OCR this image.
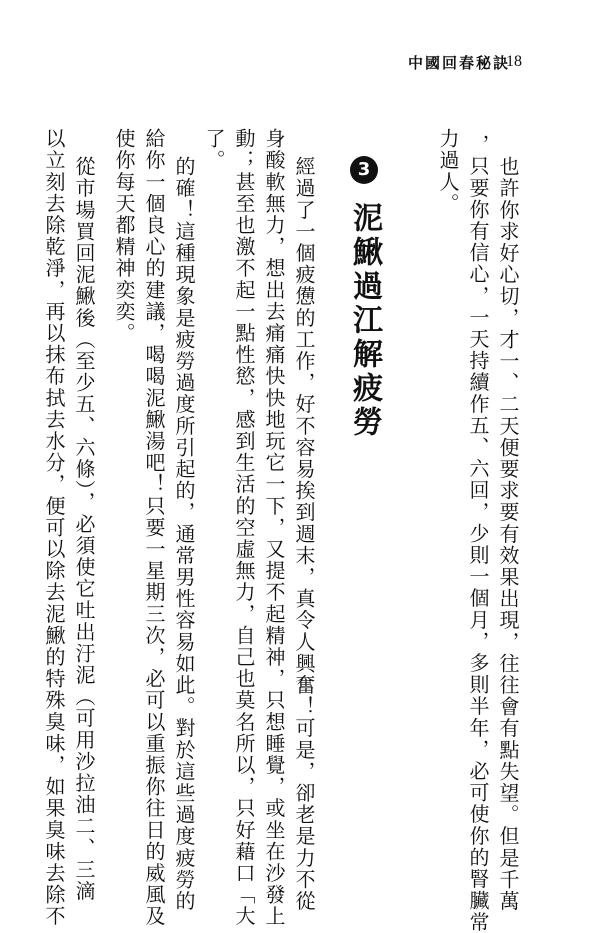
中國回春秘訣
18
也許你求好心切，才一、二天便要求要有效果出現，往往會有點失望。但是千萬
，只要你有信心，一天持續作五、六回，少則一個月，多則半年，必可使你的腎臟常
力過人。
3
泥鰍過江解疲勞
經過了一個疲憊的工作，好不容易挨到週末，真令人興奮！可是，卻老是力不從
身酸軟無力，想出去痛痛快快地玩它一下，又提不起精神，只想睡覺，或坐在沙發上
動；甚至也激不起一點性慾，感到生活的空虛無力，自己也莫名所以，只好藉口「大
了。
的確！這種現象是疲勞過度所引起的，通常男性容易如此。對於這些過度疲勞的
給你一個良心的建議，喝喝泥鰍湯吧！只要一星期三次，必可以重振你往日的威風及
使你每天都精神奕奕。
從市場買回泥鰍後（至少五、六條），必須使它吐出汙泥（可用沙拉油二、三滴
以立刻去除乾淨，再以抹布拭去水分，便可以除去泥鰍的特殊臭味，如果臭味去除不
